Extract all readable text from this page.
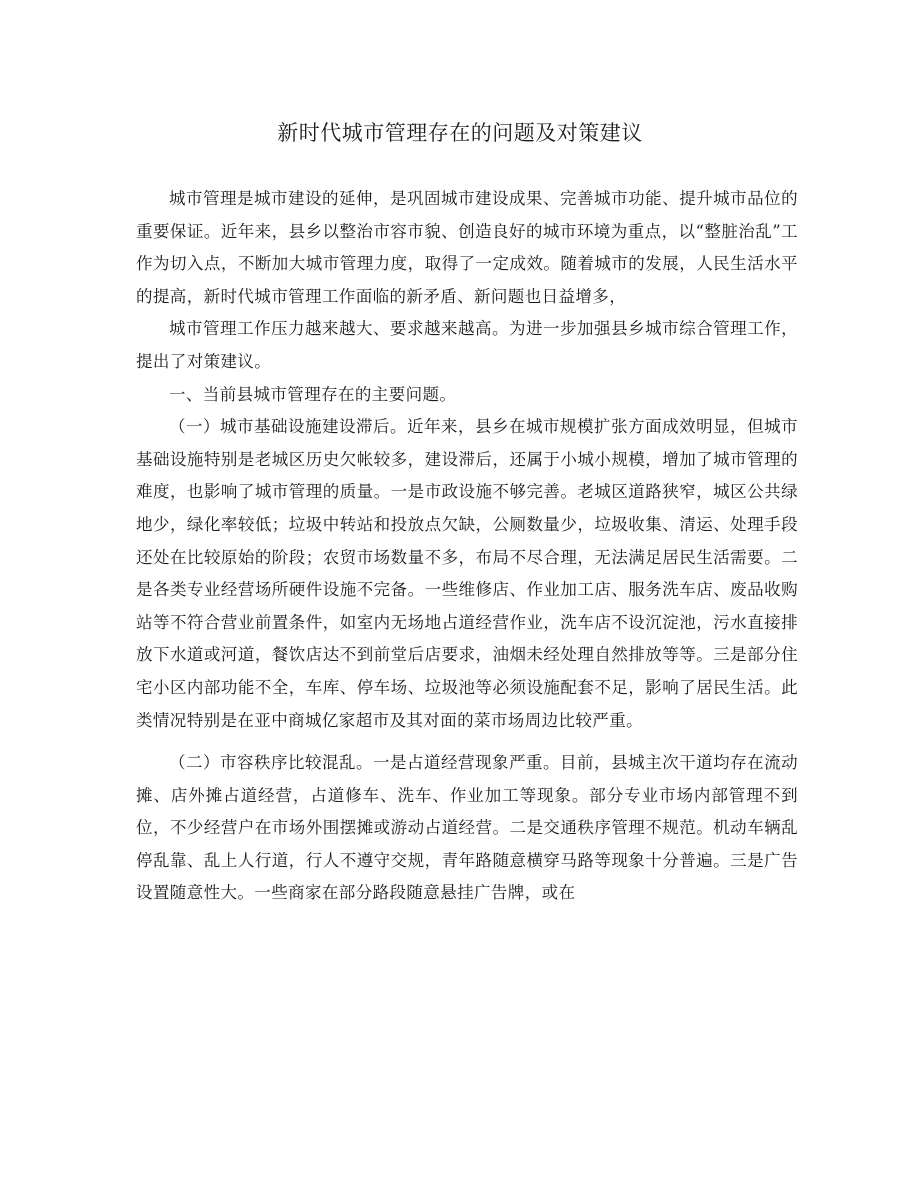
新时代城市管理存在的问题及对策建议

城市管理是城市建设的延伸，是巩固城市建设成果、完善城市功能、提升城市品位的重要保证。近年来，县乡以整治市容市貌、创造良好的城市环境为重点，以“整脏治乱”工作为切入点，不断加大城市管理力度，取得了一定成效。随着城市的发展，人民生活水平的提高，新时代城市管理工作面临的新矛盾、新问题也日益增多，

城市管理工作压力越来越大、要求越来越高。为进一步加强县乡城市综合管理工作，提出了对策建议。

一、当前县城市管理存在的主要问题。

（一）城市基础设施建设滞后。近年来，县乡在城市规模扩张方面成效明显，但城市基础设施特别是老城区历史欠帐较多，建设滞后，还属于小城小规模，增加了城市管理的难度，也影响了城市管理的质量。一是市政设施不够完善。老城区道路狭窄，城区公共绿地少，绿化率较低；垃圾中转站和投放点欠缺，公厕数量少，垃圾收集、清运、处理手段还处在比较原始的阶段；农贸市场数量不多，布局不尽合理，无法满足居民生活需要。二是各类专业经营场所硬件设施不完备。一些维修店、作业加工店、服务洗车店、废品收购站等不符合营业前置条件，如室内无场地占道经营作业，洗车店不设沉淀池，污水直接排放下水道或河道，餐饮店达不到前堂后店要求，油烟未经处理自然排放等等。三是部分住宅小区内部功能不全，车库、停车场、垃圾池等必须设施配套不足，影响了居民生活。此类情况特别是在亚中商城亿家超市及其对面的菜市场周边比较严重。

（二）市容秩序比较混乱。一是占道经营现象严重。目前，县城主次干道均存在流动摊、店外摊占道经营，占道修车、洗车、作业加工等现象。部分专业市场内部管理不到位，不少经营户在市场外围摆摊或游动占道经营。二是交通秩序管理不规范。机动车辆乱停乱靠、乱上人行道，行人不遵守交规，青年路随意横穿马路等现象十分普遍。三是广告设置随意性大。一些商家在部分路段随意悬挂广告牌，或在
